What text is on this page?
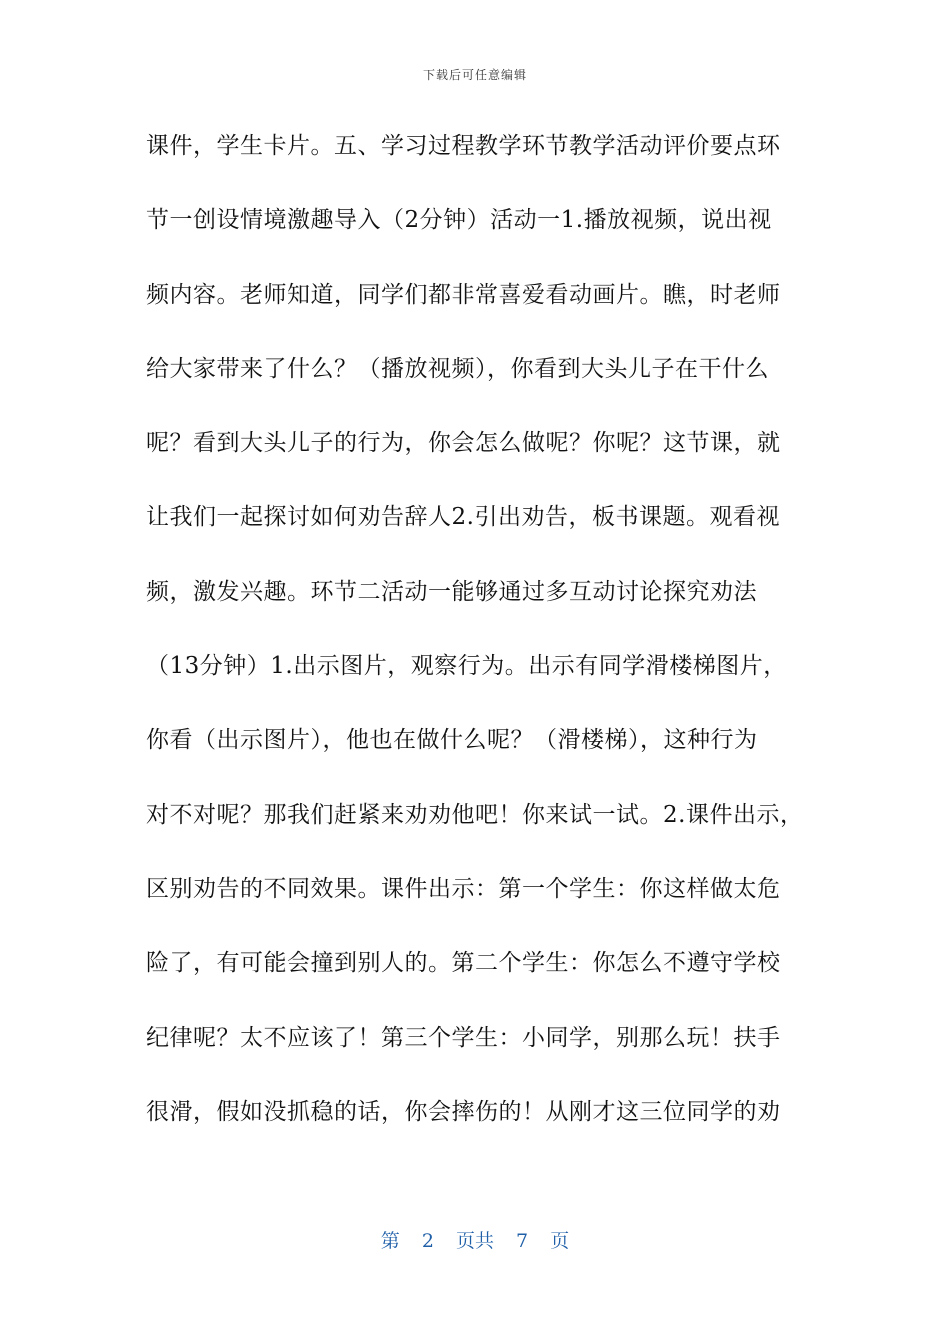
下载后可任意编辑
课件，学生卡片。五、学习过程教学环节教学活动评价要点环
节一创设情境激趣导入（2分钟）活动一1.播放视频，说出视
频内容。老师知道，同学们都非常喜爱看动画片。瞧，时老师
给大家带来了什么？（播放视频），你看到大头儿子在干什么
呢？看到大头儿子的行为，你会怎么做呢？你呢？这节课，就
让我们一起探讨如何劝告辞人2.引出劝告，板书课题。观看视
频，激发兴趣。环节二活动一能够通过多互动讨论探究劝法
（13分钟）1.出示图片，观察行为。出示有同学滑楼梯图片，
你看（出示图片），他也在做什么呢？（滑楼梯），这种行为
对不对呢？那我们赶紧来劝劝他吧！你来试一试。2.课件出示，
区别劝告的不同效果。课件出示：第一个学生：你这样做太危
险了，有可能会撞到别人的。第二个学生：你怎么不遵守学校
纪律呢？太不应该了！第三个学生：小同学，别那么玩！扶手
很滑，假如没抓稳的话，你会摔伤的！从刚才这三位同学的劝
第 2 页共 7 页
